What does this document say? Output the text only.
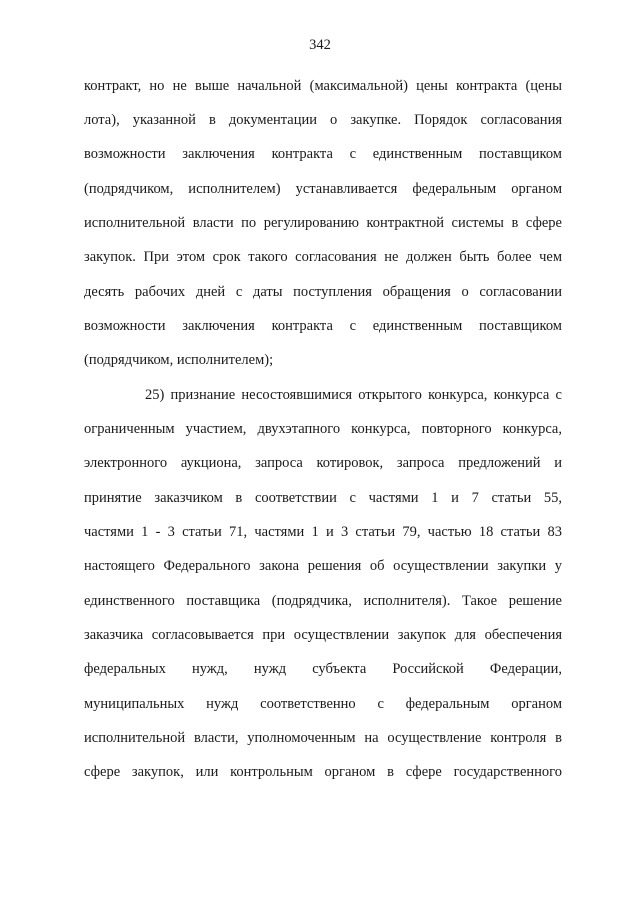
342
контракт, но не выше начальной (максимальной) цены контракта (цены
лота), указанной в документации о закупке. Порядок согласования
возможности заключения контракта с единственным поставщиком
(подрядчиком, исполнителем) устанавливается федеральным органом
исполнительной власти по регулированию контрактной системы в сфере
закупок. При этом срок такого согласования не должен быть более чем
десять рабочих дней с даты поступления обращения о согласовании
возможности заключения контракта с единственным поставщиком
(подрядчиком, исполнителем);
25) признание несостоявшимися открытого конкурса, конкурса с
ограниченным участием, двухэтапного конкурса, повторного конкурса,
электронного аукциона, запроса котировок, запроса предложений и
принятие заказчиком в соответствии с частями 1 и 7 статьи 55,
частями 1 - 3 статьи 71, частями 1 и 3 статьи 79, частью 18 статьи 83
настоящего Федерального закона решения об осуществлении закупки у
единственного поставщика (подрядчика, исполнителя). Такое решение
заказчика согласовывается при осуществлении закупок для обеспечения
федеральных нужд, нужд субъекта Российской Федерации,
муниципальных нужд соответственно с федеральным органом
исполнительной власти, уполномоченным на осуществление контроля в
сфере закупок, или контрольным органом в сфере государственного
